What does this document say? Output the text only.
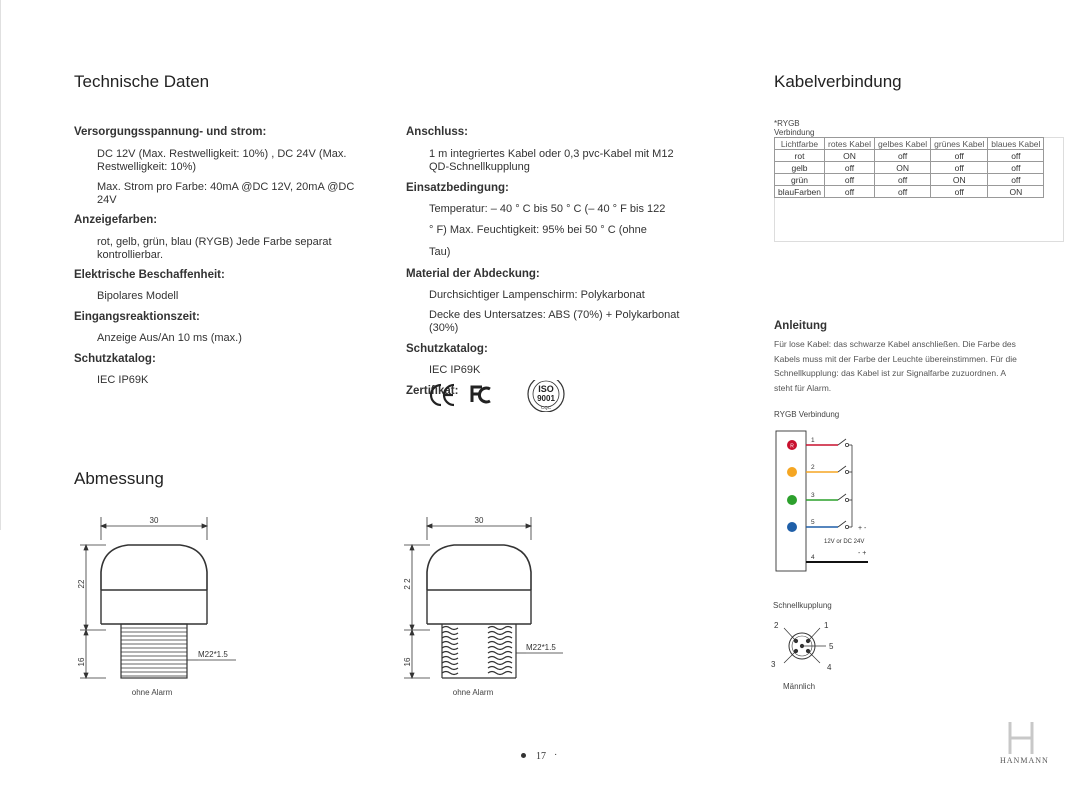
Technische Daten
Versorgungsspannung- und strom:
DC 12V (Max. Restwelligkeit: 10%) , DC 24V (Max. Restwelligkeit: 10%)
Max. Strom pro Farbe: 40mA @DC 12V, 20mA @DC 24V
Anzeigefarben:
rot, gelb, grün, blau (RYGB) Jede Farbe separat kontrollierbar.
Elektrische Beschaffenheit:
Bipolares Modell
Eingangsreaktionszeit:
Anzeige Aus/An 10 ms (max.)
Schutzkatalog:
IEC IP69K
Anschluss:
1 m integriertes Kabel oder 0,3 pvc-Kabel mit M12 QD-Schnellkupplung
Einsatzbedingung:
Temperatur: – 40 ° C bis 50 ° C (– 40 ° F bis 122
° F) Max. Feuchtigkeit: 95% bei 50 ° C (ohne
Tau)
Material der Abdeckung:
Durchsichtiger Lampenschirm: Polykarbonat
Decke des Untersatzes: ABS (70%) + Polykarbonat (30%)
Schutzkatalog:
IEC IP69K
Zertifikat:	ISO
9001
CQC
Abmessung
30
22
16
M22*1.5
ohne Alarm
30
2 2
16
M22*1.5
ohne Alarm
17 ·
Kabelverbindung
*RYGB
Verbindung
Lichtfarbe	rotes Kabel	gelbes Kabel	grünes Kabel	blaues Kabel
rot	ON	off	off	off
gelb	off	ON	off	off
grün	off	off	ON	off
blauFarben	off	off	off	ON
Anleitung
Für lose Kabel: das schwarze Kabel anschließen. Die Farbe des
Kabels muss mit der Farbe der Leuchte übereinstimmen. Für die
Schnellkupplung: das Kabel ist zur Signalfarbe zuzuordnen. A
steht für Alarm.
RYGB Verbindung
R
1
2
3
5
4
+ -
12V or DC 24V
- +
Schnellkupplung
2	1
5
3	4
Männlich
HANMANN
